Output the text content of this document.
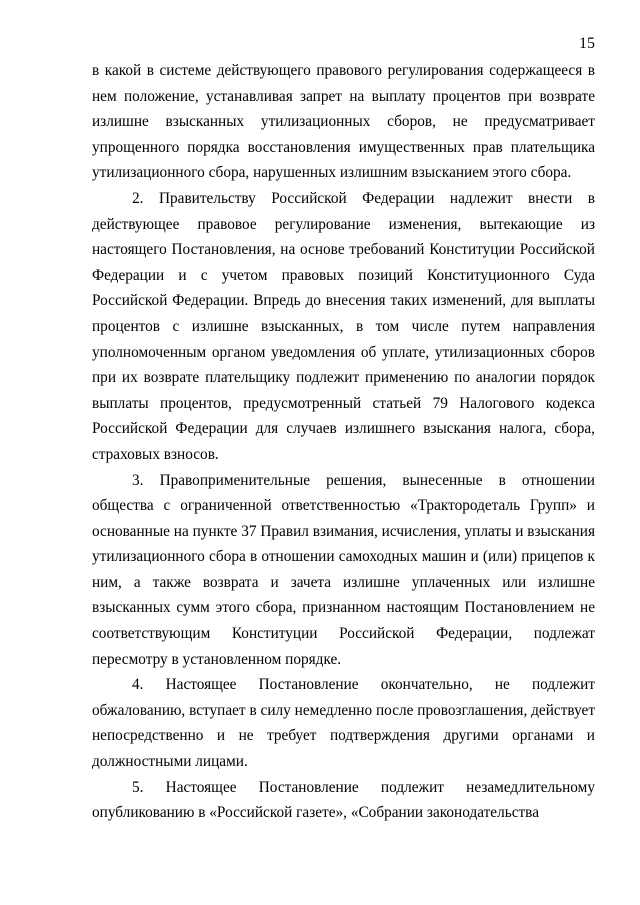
15

в какой в системе действующего правового регулирования содержащееся в нем положение, устанавливая запрет на выплату процентов при возврате излишне взысканных утилизационных сборов, не предусматривает упрощенного порядка восстановления имущественных прав плательщика утилизационного сбора, нарушенных излишним взысканием этого сбора.

2. Правительству Российской Федерации надлежит внести в действующее правовое регулирование изменения, вытекающие из настоящего Постановления, на основе требований Конституции Российской Федерации и с учетом правовых позиций Конституционного Суда Российской Федерации. Впредь до внесения таких изменений, для выплаты процентов с излишне взысканных, в том числе путем направления уполномоченным органом уведомления об уплате, утилизационных сборов при их возврате плательщику подлежит применению по аналогии порядок выплаты процентов, предусмотренный статьей 79 Налогового кодекса Российской Федерации для случаев излишнего взыскания налога, сбора, страховых взносов.

3. Правоприменительные решения, вынесенные в отношении общества с ограниченной ответственностью «Трактородеталь Групп» и основанные на пункте 37 Правил взимания, исчисления, уплаты и взыскания утилизационного сбора в отношении самоходных машин и (или) прицепов к ним, а также возврата и зачета излишне уплаченных или излишне взысканных сумм этого сбора, признанном настоящим Постановлением не соответствующим Конституции Российской Федерации, подлежат пересмотру в установленном порядке.

4. Настоящее Постановление окончательно, не подлежит обжалованию, вступает в силу немедленно после провозглашения, действует непосредственно и не требует подтверждения другими органами и должностными лицами.

5. Настоящее Постановление подлежит незамедлительному опубликованию в «Российской газете», «Собрании законодательства
